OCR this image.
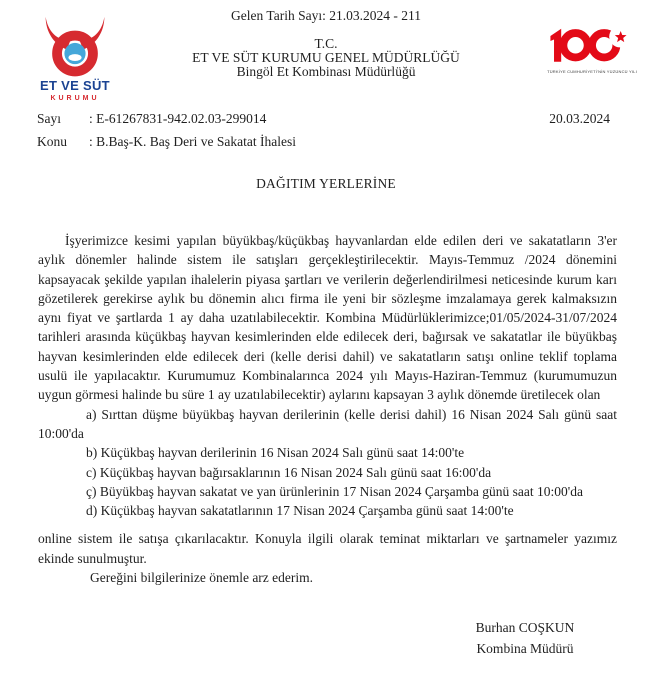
Gelen Tarih Sayı: 21.03.2024 - 211
T.C.
ET VE SÜT KURUMU GENEL MÜDÜRLÜĞÜ
Bingöl Et Kombinası Müdürlüğü
ET VE SÜT
KURUMU
TÜRKİYE CUMHURİYETİ'NİN YÜZÜNCÜ YILI
Sayı	: E-61267831-942.02.03-299014	20.03.2024
Konu	: B.Baş-K. Baş Deri ve Sakatat İhalesi
DAĞITIM YERLERİNE

İşyerimizce kesimi yapılan büyükbaş/küçükbaş hayvanlardan elde edilen deri ve sakatatların 3'er aylık dönemler halinde sistem ile satışları gerçekleştirilecektir. Mayıs-Temmuz /2024 dönemini kapsayacak şekilde yapılan ihalelerin piyasa şartları ve verilerin değerlendirilmesi neticesinde kurum karı gözetilerek gerekirse aylık bu dönemin alıcı firma ile yeni bir sözleşme imzalamaya gerek kalmaksızın aynı fiyat ve şartlarda 1 ay daha uzatılabilecektir. Kombina Müdürlüklerimizce;01/05/2024-31/07/2024 tarihleri arasında küçükbaş hayvan kesimlerinden elde edilecek deri, bağırsak ve sakatatlar ile büyükbaş hayvan kesimlerinden elde edilecek deri (kelle derisi dahil) ve sakatatların satışı online teklif toplama usulü ile yapılacaktır. Kurumumuz Kombinalarınca 2024 yılı Mayıs-Haziran-Temmuz (kurumumuzun uygun görmesi halinde bu süre 1 ay uzatılabilecektir) aylarını kapsayan 3 aylık dönemde üretilecek olan

a) Sırttan düşme büyükbaş hayvan derilerinin (kelle derisi dahil) 16 Nisan 2024 Salı günü saat 10:00'da

b) Küçükbaş hayvan derilerinin 16 Nisan 2024 Salı günü saat 14:00'te

c) Küçükbaş hayvan bağırsaklarının 16 Nisan 2024 Salı günü saat 16:00'da

ç) Büyükbaş hayvan sakatat ve yan ürünlerinin 17 Nisan 2024 Çarşamba günü saat 10:00'da

d) Küçükbaş hayvan sakatatlarının 17 Nisan 2024 Çarşamba günü saat 14:00'te

online sistem ile satışa çıkarılacaktır. Konuyla ilgili olarak teminat miktarları ve şartnameler yazımız ekinde sunulmuştur.

Gereğini bilgilerinize önemle arz ederim.

Burhan COŞKUN
Kombina Müdürü
